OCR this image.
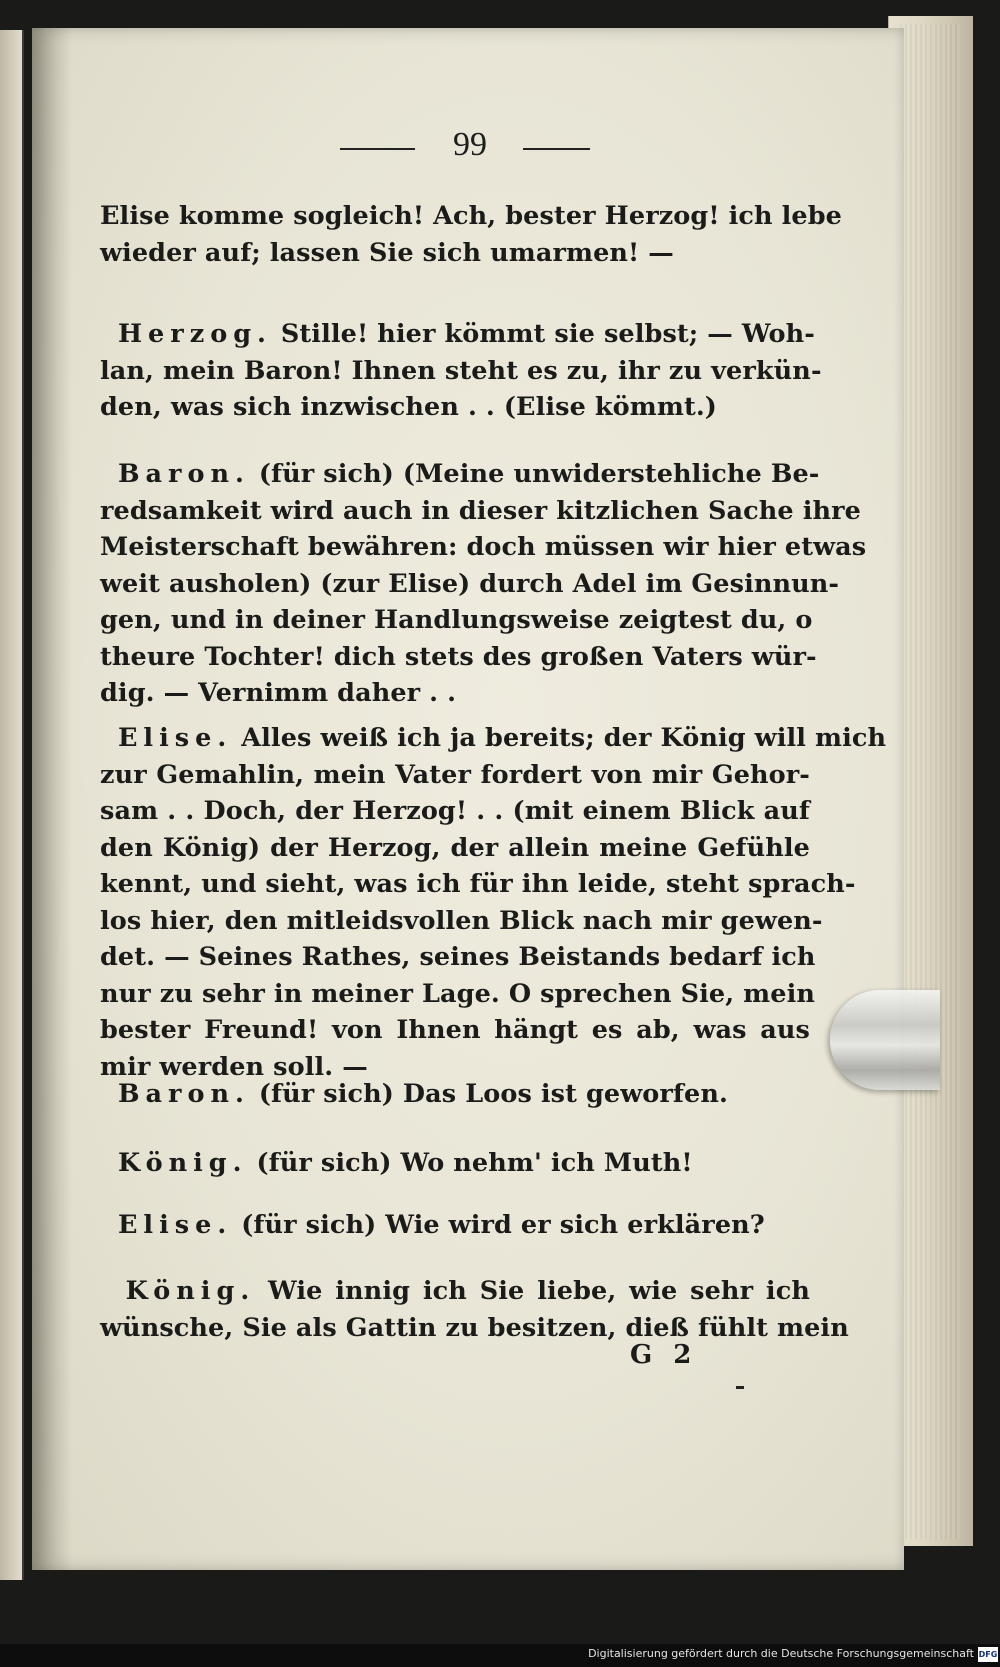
99
Elise komme sogleich! Ach, bester Herzog! ich lebe
wieder auf; lassen Sie sich umarmen! —
Herzog. Stille! hier kömmt sie selbst; — Woh-
lan, mein Baron! Ihnen steht es zu, ihr zu verkün-
den, was sich inzwischen . . (Elise kömmt.)
Baron. (für sich) (Meine unwiderstehliche Be-
redsamkeit wird auch in dieser kitzlichen Sache ihre
Meisterschaft bewähren: doch müssen wir hier etwas
weit ausholen) (zur Elise) durch Adel im Gesinnun-
gen, und in deiner Handlungsweise zeigtest du, o
theure Tochter! dich stets des großen Vaters wür-
dig. — Vernimm daher . .
Elise. Alles weiß ich ja bereits; der König will mich
zur Gemahlin, mein Vater fordert von mir Gehor-
sam . . Doch, der Herzog! . . (mit einem Blick auf
den König) der Herzog, der allein meine Gefühle
kennt, und sieht, was ich für ihn leide, steht sprach-
los hier, den mitleidsvollen Blick nach mir gewen-
det. — Seines Rathes, seines Beistands bedarf ich
nur zu sehr in meiner Lage. O sprechen Sie, mein
bester Freund! von Ihnen hängt es ab, was aus
mir werden soll. —
Baron. (für sich) Das Loos ist geworfen.
König. (für sich) Wo nehm' ich Muth!
Elise. (für sich) Wie wird er sich erklären?
König. Wie innig ich Sie liebe, wie sehr ich
wünsche, Sie als Gattin zu besitzen, dieß fühlt mein
G 2
Digitalisierung gefördert durch die Deutsche Forschungsgemeinschaft DFG
